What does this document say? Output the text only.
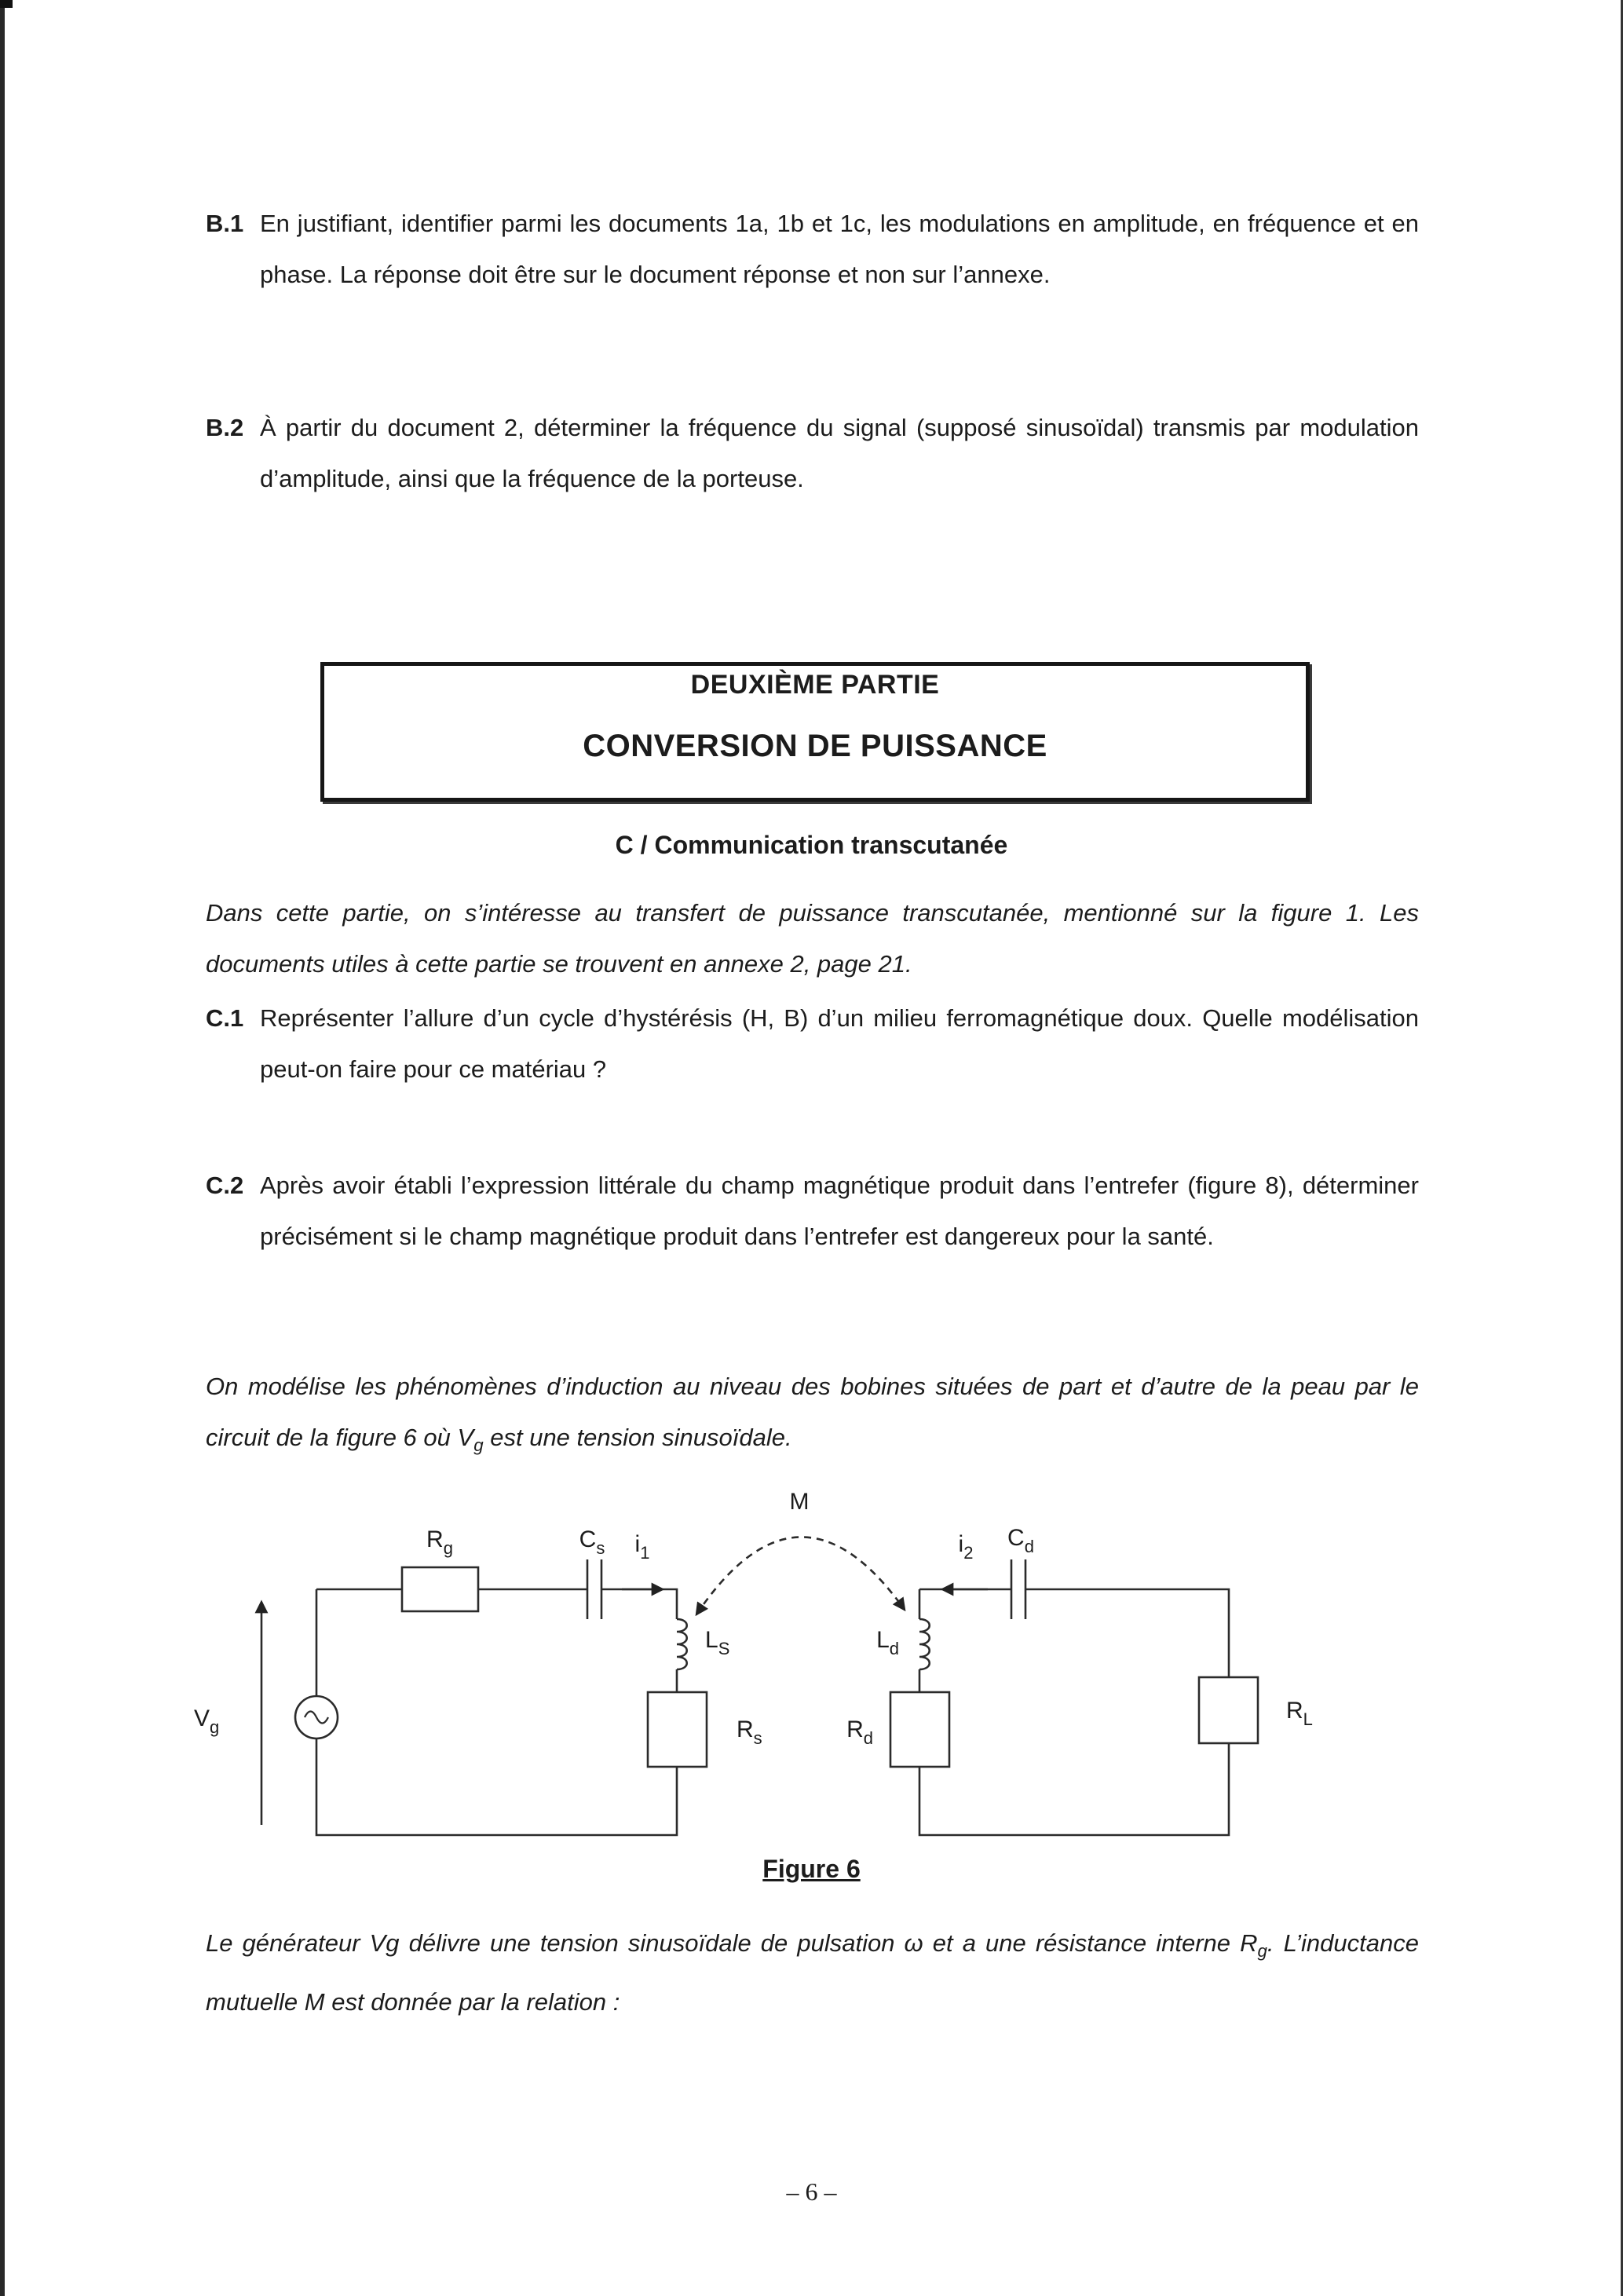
B.1 En justifiant, identifier parmi les documents 1a, 1b et 1c, les modulations en amplitude, en fréquence et en phase. La réponse doit être sur le document réponse et non sur l’annexe.

B.2 À partir du document 2, déterminer la fréquence du signal (supposé sinusoïdal) transmis par modulation d’amplitude, ainsi que la fréquence de la porteuse.

DEUXIÈME PARTIE
CONVERSION DE PUISSANCE
C / Communication transcutanée

Dans cette partie, on s’intéresse au transfert de puissance transcutanée, mentionné sur la figure 1. Les documents utiles à cette partie se trouvent en annexe 2, page 21.

C.1 Représenter l’allure d’un cycle d’hystérésis (H, B) d’un milieu ferromagnétique doux. Quelle modélisation peut-on faire pour ce matériau ?

C.2 Après avoir établi l’expression littérale du champ magnétique produit dans l’entrefer (figure 8), déterminer précisément si le champ magnétique produit dans l’entrefer est dangereux pour la santé.

On modélise les phénomènes d’induction au niveau des bobines situées de part et d’autre de la peau par le circuit de la figure 6 où $V_g$ est une tension sinusoïdale.

$V_g$
$R_g$	$C_s$ $i_1$
M
$i_2$
$C_d$
$L_S$	$L_d$
$R_s$	$R_d$
$R_L$
Figure 6

Le générateur Vg délivre une tension sinusoïdale de pulsation ω et a une résistance interne $R_g$. L’inductance mutuelle M est donnée par la relation :

– 6 –
